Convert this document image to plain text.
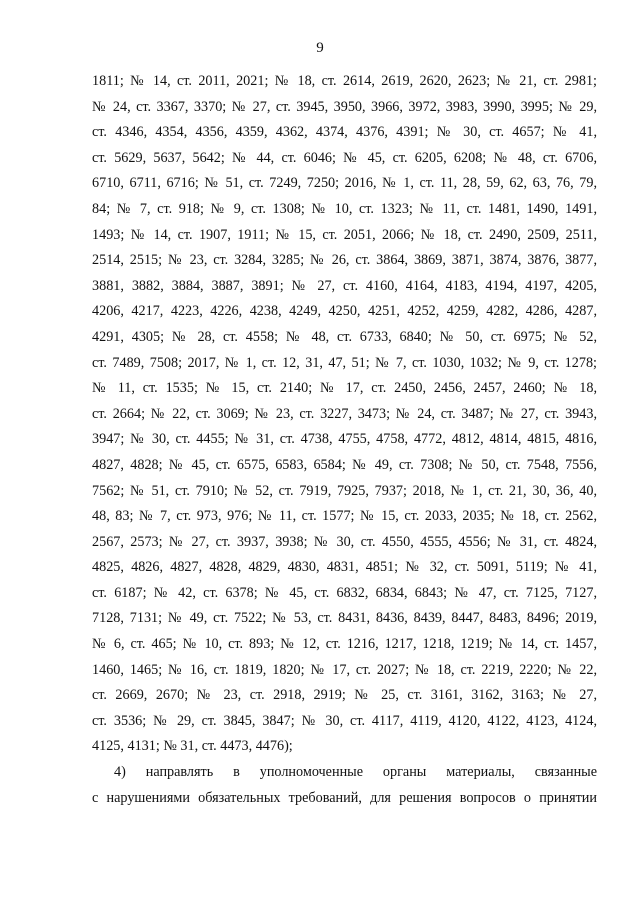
9
1811; № 14, ст. 2011, 2021; № 18, ст. 2614, 2619, 2620, 2623; № 21, ст. 2981;
№ 24, ст. 3367, 3370; № 27, ст. 3945, 3950, 3966, 3972, 3983, 3990, 3995; № 29,
ст. 4346, 4354, 4356, 4359, 4362, 4374, 4376, 4391; № 30, ст. 4657; № 41,
ст. 5629, 5637, 5642; № 44, ст. 6046; № 45, ст. 6205, 6208; № 48, ст. 6706,
6710, 6711, 6716; № 51, ст. 7249, 7250; 2016, № 1, ст. 11, 28, 59, 62, 63, 76, 79,
84; № 7, ст. 918; № 9, ст. 1308; № 10, ст. 1323; № 11, ст. 1481, 1490, 1491,
1493; № 14, ст. 1907, 1911; № 15, ст. 2051, 2066; № 18, ст. 2490, 2509, 2511,
2514, 2515; № 23, ст. 3284, 3285; № 26, ст. 3864, 3869, 3871, 3874, 3876, 3877,
3881, 3882, 3884, 3887, 3891; № 27, ст. 4160, 4164, 4183, 4194, 4197, 4205,
4206, 4217, 4223, 4226, 4238, 4249, 4250, 4251, 4252, 4259, 4282, 4286, 4287,
4291, 4305; № 28, ст. 4558; № 48, ст. 6733, 6840; № 50, ст. 6975; № 52,
ст. 7489, 7508; 2017, № 1, ст. 12, 31, 47, 51; № 7, ст. 1030, 1032; № 9, ст. 1278;
№ 11, ст. 1535; № 15, ст. 2140; № 17, ст. 2450, 2456, 2457, 2460; № 18,
ст. 2664; № 22, ст. 3069; № 23, ст. 3227, 3473; № 24, ст. 3487; № 27, ст. 3943,
3947; № 30, ст. 4455; № 31, ст. 4738, 4755, 4758, 4772, 4812, 4814, 4815, 4816,
4827, 4828; № 45, ст. 6575, 6583, 6584; № 49, ст. 7308; № 50, ст. 7548, 7556,
7562; № 51, ст. 7910; № 52, ст. 7919, 7925, 7937; 2018, № 1, ст. 21, 30, 36, 40,
48, 83; № 7, ст. 973, 976; № 11, ст. 1577; № 15, ст. 2033, 2035; № 18, ст. 2562,
2567, 2573; № 27, ст. 3937, 3938; № 30, ст. 4550, 4555, 4556; № 31, ст. 4824,
4825, 4826, 4827, 4828, 4829, 4830, 4831, 4851; № 32, ст. 5091, 5119; № 41,
ст. 6187; № 42, ст. 6378; № 45, ст. 6832, 6834, 6843; № 47, ст. 7125, 7127,
7128, 7131; № 49, ст. 7522; № 53, ст. 8431, 8436, 8439, 8447, 8483, 8496; 2019,
№ 6, ст. 465; № 10, ст. 893; № 12, ст. 1216, 1217, 1218, 1219; № 14, ст. 1457,
1460, 1465; № 16, ст. 1819, 1820; № 17, ст. 2027; № 18, ст. 2219, 2220; № 22,
ст. 2669, 2670; № 23, ст. 2918, 2919; № 25, ст. 3161, 3162, 3163; № 27,
ст. 3536; № 29, ст. 3845, 3847; № 30, ст. 4117, 4119, 4120, 4122, 4123, 4124,
4125, 4131; № 31, ст. 4473, 4476);
4) направлять в уполномоченные органы материалы, связанные
с нарушениями обязательных требований, для решения вопросов о принятии
